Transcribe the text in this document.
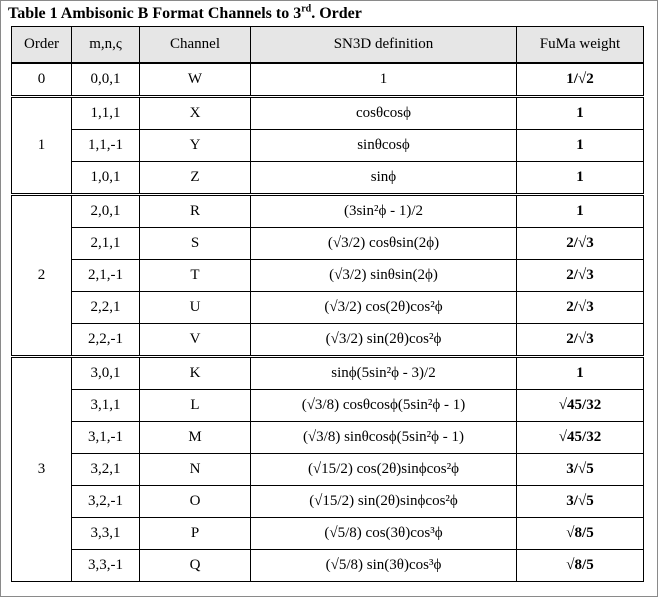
Table 1 Ambisonic B Format Channels to 3rd. Order
Order	m,n,ς	Channel	SN3D definition	FuMa weight
0	0,0,1	W	1	1/√2
1	1,1,1	X	cosθcosϕ	1
	1,1,-1	Y	sinθcosϕ	1
	1,0,1	Z	sinϕ	1
2	2,0,1	R	(3sin²ϕ - 1)/2	1
	2,1,1	S	(√3/2) cosθsin(2ϕ)	2/√3
	2,1,-1	T	(√3/2) sinθsin(2ϕ)	2/√3
	2,2,1	U	(√3/2) cos(2θ)cos²ϕ	2/√3
	2,2,-1	V	(√3/2) sin(2θ)cos²ϕ	2/√3
3	3,0,1	K	sinϕ(5sin²ϕ - 3)/2	1
	3,1,1	L	(√3/8) cosθcosϕ(5sin²ϕ - 1)	√45/32
	3,1,-1	M	(√3/8) sinθcosϕ(5sin²ϕ - 1)	√45/32
	3,2,1	N	(√15/2) cos(2θ)sinϕcos²ϕ	3/√5
	3,2,-1	O	(√15/2) sin(2θ)sinϕcos²ϕ	3/√5
	3,3,1	P	(√5/8) cos(3θ)cos³ϕ	√8/5
	3,3,-1	Q	(√5/8) sin(3θ)cos³ϕ	√8/5
